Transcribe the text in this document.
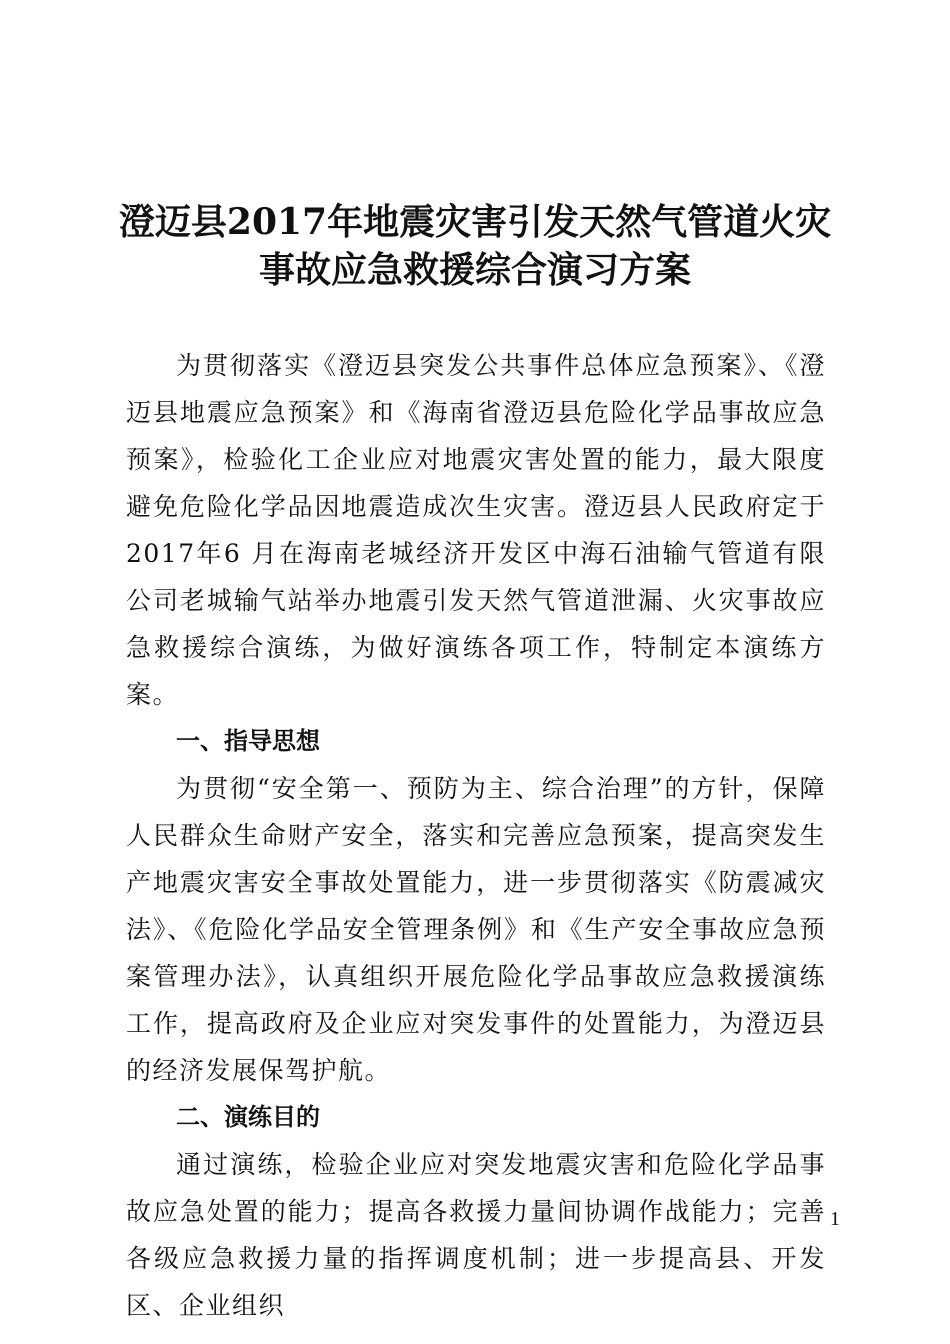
澄迈县2017年地震灾害引发天然气管道火灾
事故应急救援综合演习方案

为贯彻落实《澄迈县突发公共事件总体应急预案》、《澄迈县地震应急预案》和《海南省澄迈县危险化学品事故应急预案》，检验化工企业应对地震灾害处置的能力，最大限度避免危险化学品因地震造成次生灾害。澄迈县人民政府定于2017年6 月在海南老城经济开发区中海石油输气管道有限公司老城输气站举办地震引发天然气管道泄漏、火灾事故应急救援综合演练，为做好演练各项工作，特制定本演练方案。

一、指导思想

为贯彻“安全第一、预防为主、综合治理”的方针，保障人民群众生命财产安全，落实和完善应急预案，提高突发生产地震灾害安全事故处置能力，进一步贯彻落实《防震减灾法》、《危险化学品安全管理条例》和《生产安全事故应急预案管理办法》，认真组织开展危险化学品事故应急救援演练工作，提高政府及企业应对突发事件的处置能力，为澄迈县的经济发展保驾护航。

二、演练目的

通过演练，检验企业应对突发地震灾害和危险化学品事故应急处置的能力；提高各救援力量间协调作战能力；完善各级应急救援力量的指挥调度机制；进一步提高县、开发区、企业组织

1
